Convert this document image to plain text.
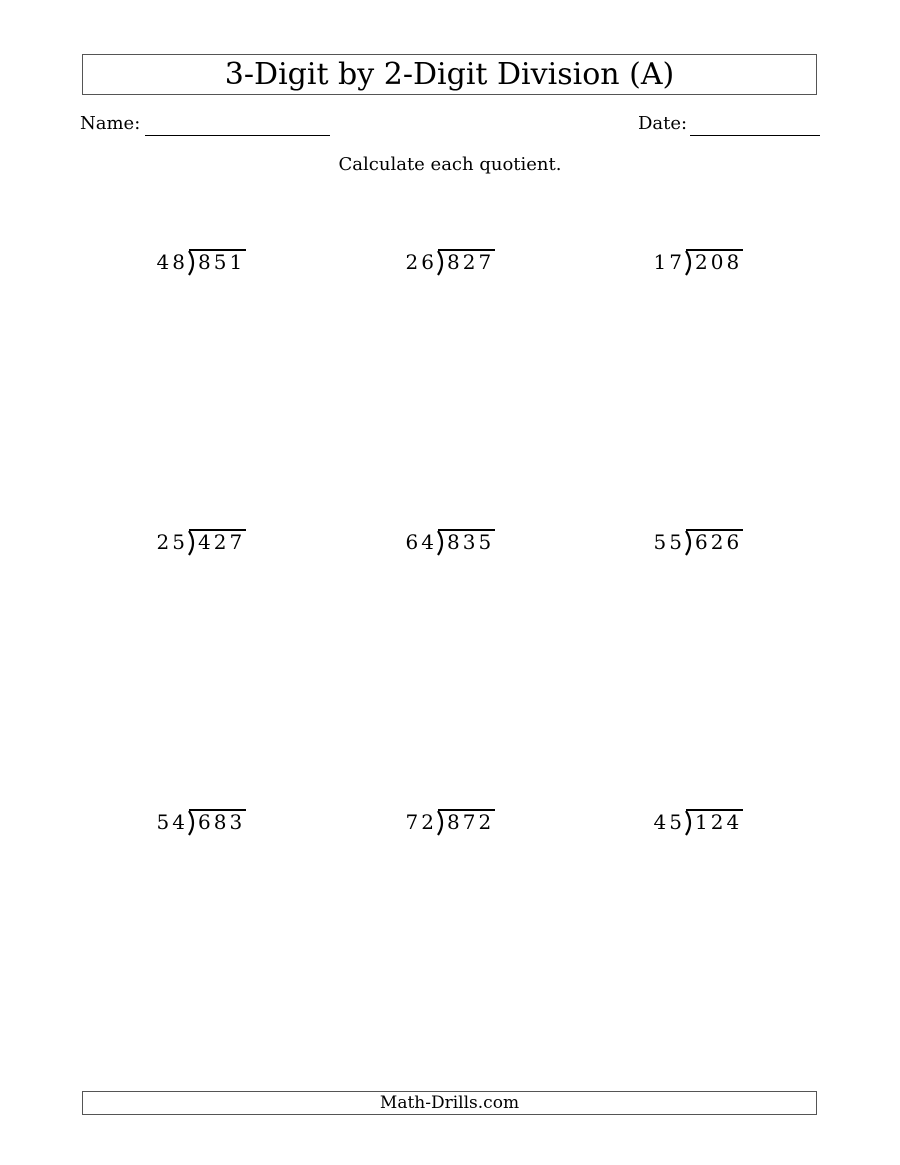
3-Digit by 2-Digit Division (A)
Name:	Date:
Calculate each quotient.
48 851	26 827	17 208
25 427	64 835	55 626
54 683	72 872	45 124
Math-Drills.com
